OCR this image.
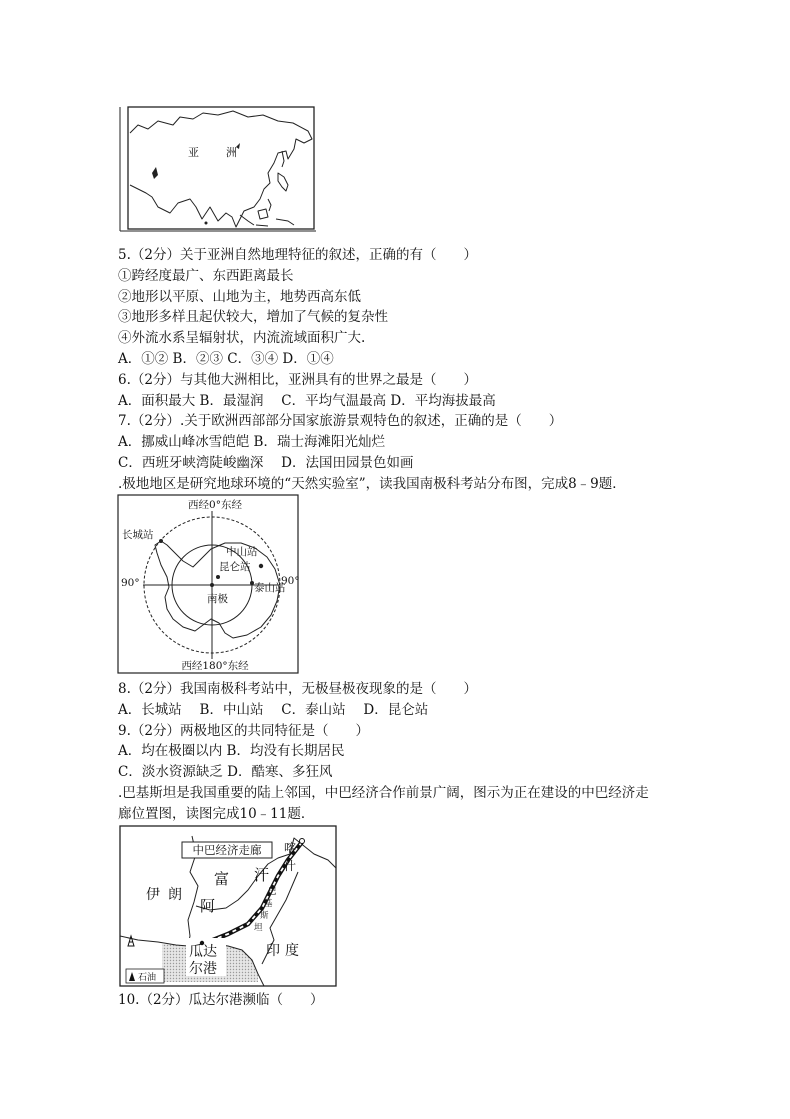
亚 洲
5.（2分）关于亚洲自然地理特征的叙述，正确的有（　　）
①跨经度最广、东西距离最长
②地形以平原、山地为主，地势西高东低
③地形多样且起伏较大，增加了气候的复杂性
④外流水系呈辐射状，内流流域面积广大.
A．①② B．②③ C．③④ D．①④
6.（2分）与其他大洲相比，亚洲具有的世界之最是（　　）
A．面积最大 B．最湿润　 C．平均气温最高 D．平均海拔最高
7.（2分）.关于欧洲西部部分国家旅游景观特色的叙述，正确的是（　　）
A．挪威山峰冰雪皑皑 B．瑞士海滩阳光灿烂
C．西班牙峡湾陡峻幽深　 D．法国田园景色如画
.极地地区是研究地球环境的“天然实验室”，读我国南极科考站分布图，完成8﹣9题．
西经0°东经
长城站
中山站
昆仑站
90°	90°
泰山站
南极
西经180°东经
8.（2分）我国南极科考站中，无极昼极夜现象的是（　　）
A．长城站　 B．中山站　 C．泰山站　 D．昆仑站
9.（2分）两极地区的共同特征是（　　）
A．均在极圈以内 B．均没有长期居民
C．淡水资源缺乏 D．酷寒、多狂风
.巴基斯坦是我国重要的陆上邻国，中巴经济合作前景广阔，图示为正在建设的中巴经济走
廊位置图，读图完成10﹣11题．
中巴经济走廊 喀
什
伊朗
阿
富 汗
巴
基
斯
坦
瓜达
尔港
印度
石油
10.（2分）瓜达尔港濒临（　　）
